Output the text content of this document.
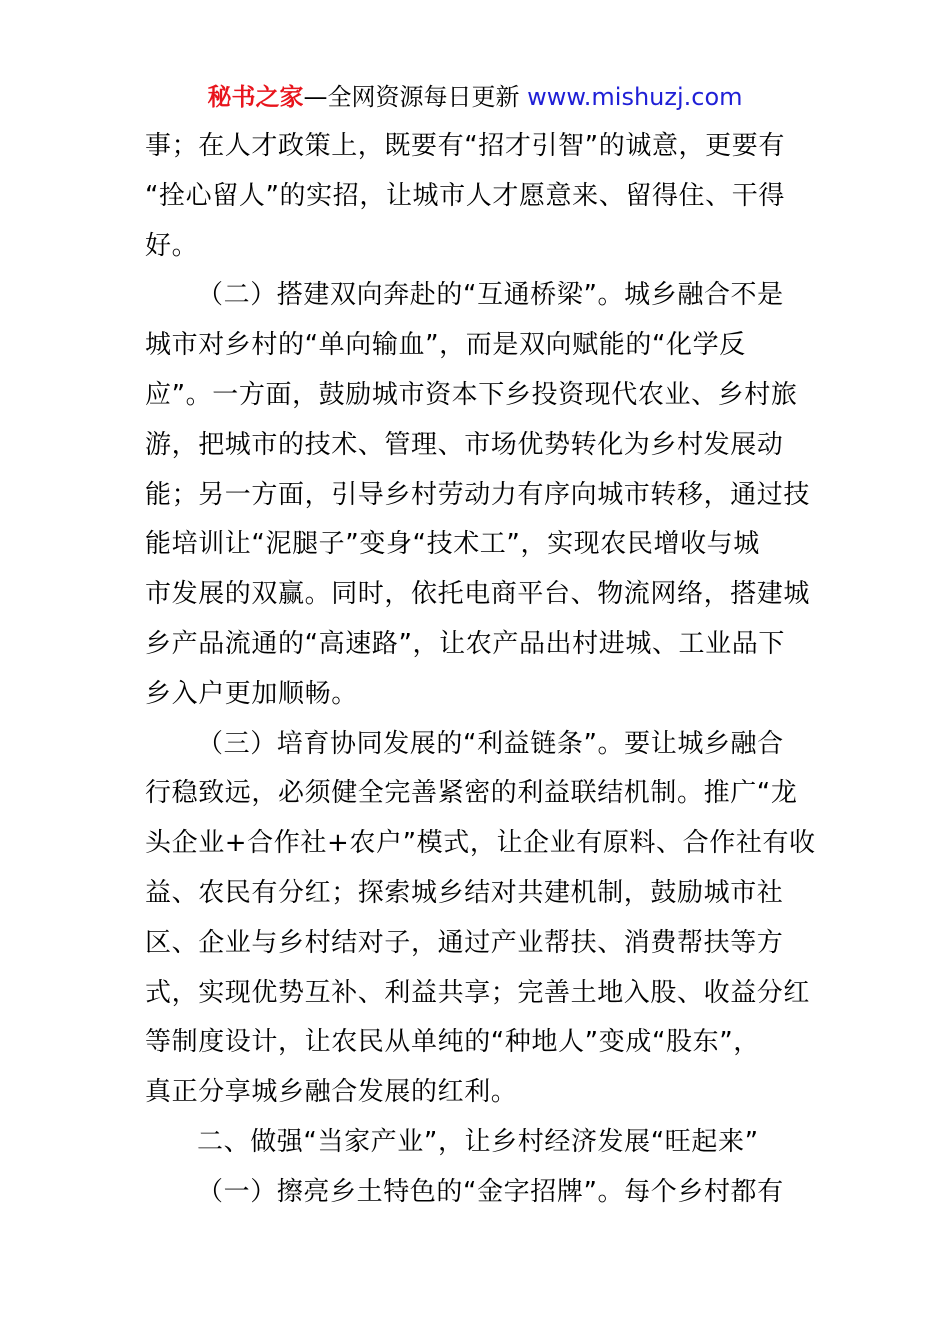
秘书之家—全网资源每日更新 www.mishuzj.com
事；在人才政策上，既要有“招才引智”的诚意，更要有
“拴心留人”的实招，让城市人才愿意来、留得住、干得
好。
（二）搭建双向奔赴的“互通桥梁”。城乡融合不是
城市对乡村的“单向输血”，而是双向赋能的“化学反
应”。一方面，鼓励城市资本下乡投资现代农业、乡村旅
游，把城市的技术、管理、市场优势转化为乡村发展动
能；另一方面，引导乡村劳动力有序向城市转移，通过技
能培训让“泥腿子”变身“技术工”，实现农民增收与城
市发展的双赢。同时，依托电商平台、物流网络，搭建城
乡产品流通的“高速路”，让农产品出村进城、工业品下
乡入户更加顺畅。
（三）培育协同发展的“利益链条”。要让城乡融合
行稳致远，必须健全完善紧密的利益联结机制。推广“龙
头企业+合作社+农户”模式，让企业有原料、合作社有收
益、农民有分红；探索城乡结对共建机制，鼓励城市社
区、企业与乡村结对子，通过产业帮扶、消费帮扶等方
式，实现优势互补、利益共享；完善土地入股、收益分红
等制度设计，让农民从单纯的“种地人”变成“股东”，
真正分享城乡融合发展的红利。
二、做强“当家产业”，让乡村经济发展“旺起来”
（一）擦亮乡土特色的“金字招牌”。每个乡村都有
